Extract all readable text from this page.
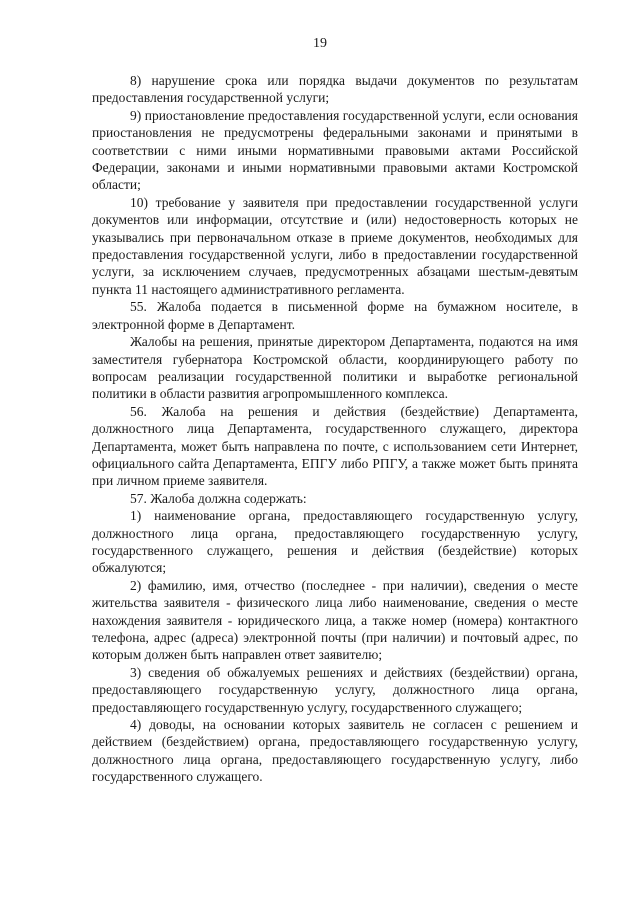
19

8) нарушение срока или порядка выдачи документов по результатам предоставления государственной услуги;

9) приостановление предоставления государственной услуги, если основания приостановления не предусмотрены федеральными законами и принятыми в соответствии с ними иными нормативными правовыми актами Российской Федерации, законами и иными нормативными правовыми актами Костромской области;

10) требование у заявителя при предоставлении государственной услуги документов или информации, отсутствие и (или) недостоверность которых не указывались при первоначальном отказе в приеме документов, необходимых для предоставления государственной услуги, либо в предоставлении государственной услуги, за исключением случаев, предусмотренных абзацами шестым-девятым пункта 11 настоящего административного регламента.

55. Жалоба подается в письменной форме на бумажном носителе, в электронной форме в Департамент.

Жалобы на решения, принятые директором Департамента, подаются на имя заместителя губернатора Костромской области, координирующего работу по вопросам реализации государственной политики и выработке региональной политики в области развития агропромышленного комплекса.

56. Жалоба на решения и действия (бездействие) Департамента, должностного лица Департамента, государственного служащего, директора Департамента, может быть направлена по почте, с использованием сети Интернет, официального сайта Департамента, ЕПГУ либо РПГУ, а также может быть принята при личном приеме заявителя.

57. Жалоба должна содержать:

1) наименование органа, предоставляющего государственную услугу, должностного лица органа, предоставляющего государственную услугу, государственного служащего, решения и действия (бездействие) которых обжалуются;

2) фамилию, имя, отчество (последнее - при наличии), сведения о месте жительства заявителя - физического лица либо наименование, сведения о месте нахождения заявителя - юридического лица, а также номер (номера) контактного телефона, адрес (адреса) электронной почты (при наличии) и почтовый адрес, по которым должен быть направлен ответ заявителю;

3) сведения об обжалуемых решениях и действиях (бездействии) органа, предоставляющего государственную услугу, должностного лица органа, предоставляющего государственную услугу, государственного служащего;

4) доводы, на основании которых заявитель не согласен с решением и действием (бездействием) органа, предоставляющего государственную услугу, должностного лица органа, предоставляющего государственную услугу, либо государственного служащего.
